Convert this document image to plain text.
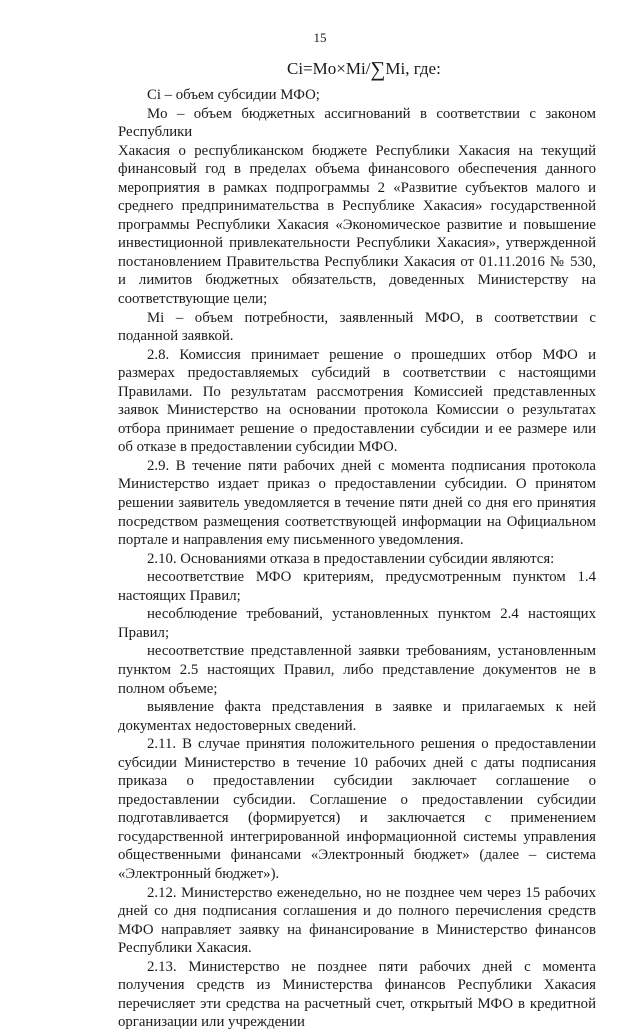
15
Ci=Mo×Mi/∑Mi, где:

Ci – объем субсидии МФО;

Mo – объем бюджетных ассигнований в соответствии с законом Республики

Хакасия о республиканском бюджете Республики Хакасия на текущий финансовый год в пределах объема финансового обеспечения данного мероприятия в рамках подпрограммы 2 «Развитие субъектов малого и среднего предпринимательства в Республике Хакасия» государственной программы Республики Хакасия «Экономическое развитие и повышение инвестиционной привлекательности Республики Хакасия», утвержденной постановлением Правительства Республики Хакасия от 01.11.2016 № 530, и лимитов бюджетных обязательств, доведенных Министерству на соответствующие цели;

Mi – объем потребности, заявленный МФО, в соответствии с поданной заявкой.

2.8. Комиссия принимает решение о прошедших отбор МФО и размерах предоставляемых субсидий в соответствии с настоящими Правилами. По результатам рассмотрения Комиссией представленных заявок Министерство на основании протокола Комиссии о результатах отбора принимает решение о предоставлении субсидии и ее размере или об отказе в предоставлении субсидии МФО.

2.9. В течение пяти рабочих дней с момента подписания протокола Министерство издает приказ о предоставлении субсидии. О принятом решении заявитель уведомляется в течение пяти дней со дня его принятия посредством размещения соответствующей информации на Официальном портале и направления ему письменного уведомления.

2.10. Основаниями отказа в предоставлении субсидии являются:

несоответствие МФО критериям, предусмотренным пунктом 1.4 настоящих Правил;

несоблюдение требований, установленных пунктом 2.4 настоящих Правил;

несоответствие представленной заявки требованиям, установленным пунктом 2.5 настоящих Правил, либо представление документов не в полном объеме;

выявление факта представления в заявке и прилагаемых к ней документах недостоверных сведений.

2.11. В случае принятия положительного решения о предоставлении субсидии Министерство в течение 10 рабочих дней с даты подписания приказа о предоставлении субсидии заключает соглашение о предоставлении субсидии. Соглашение о предоставлении субсидии подготавливается (формируется) и заключается с применением государственной интегрированной информационной системы управления общественными финансами «Электронный бюджет» (далее – система «Электронный бюджет»).

2.12. Министерство еженедельно, но не позднее чем через 15 рабочих дней со дня подписания соглашения и до полного перечисления средств МФО направляет заявку на финансирование в Министерство финансов Республики Хакасия.

2.13. Министерство не позднее пяти рабочих дней с момента получения средств из Министерства финансов Республики Хакасия перечисляет эти средства на расчетный счет, открытый МФО в кредитной организации или учреждении
